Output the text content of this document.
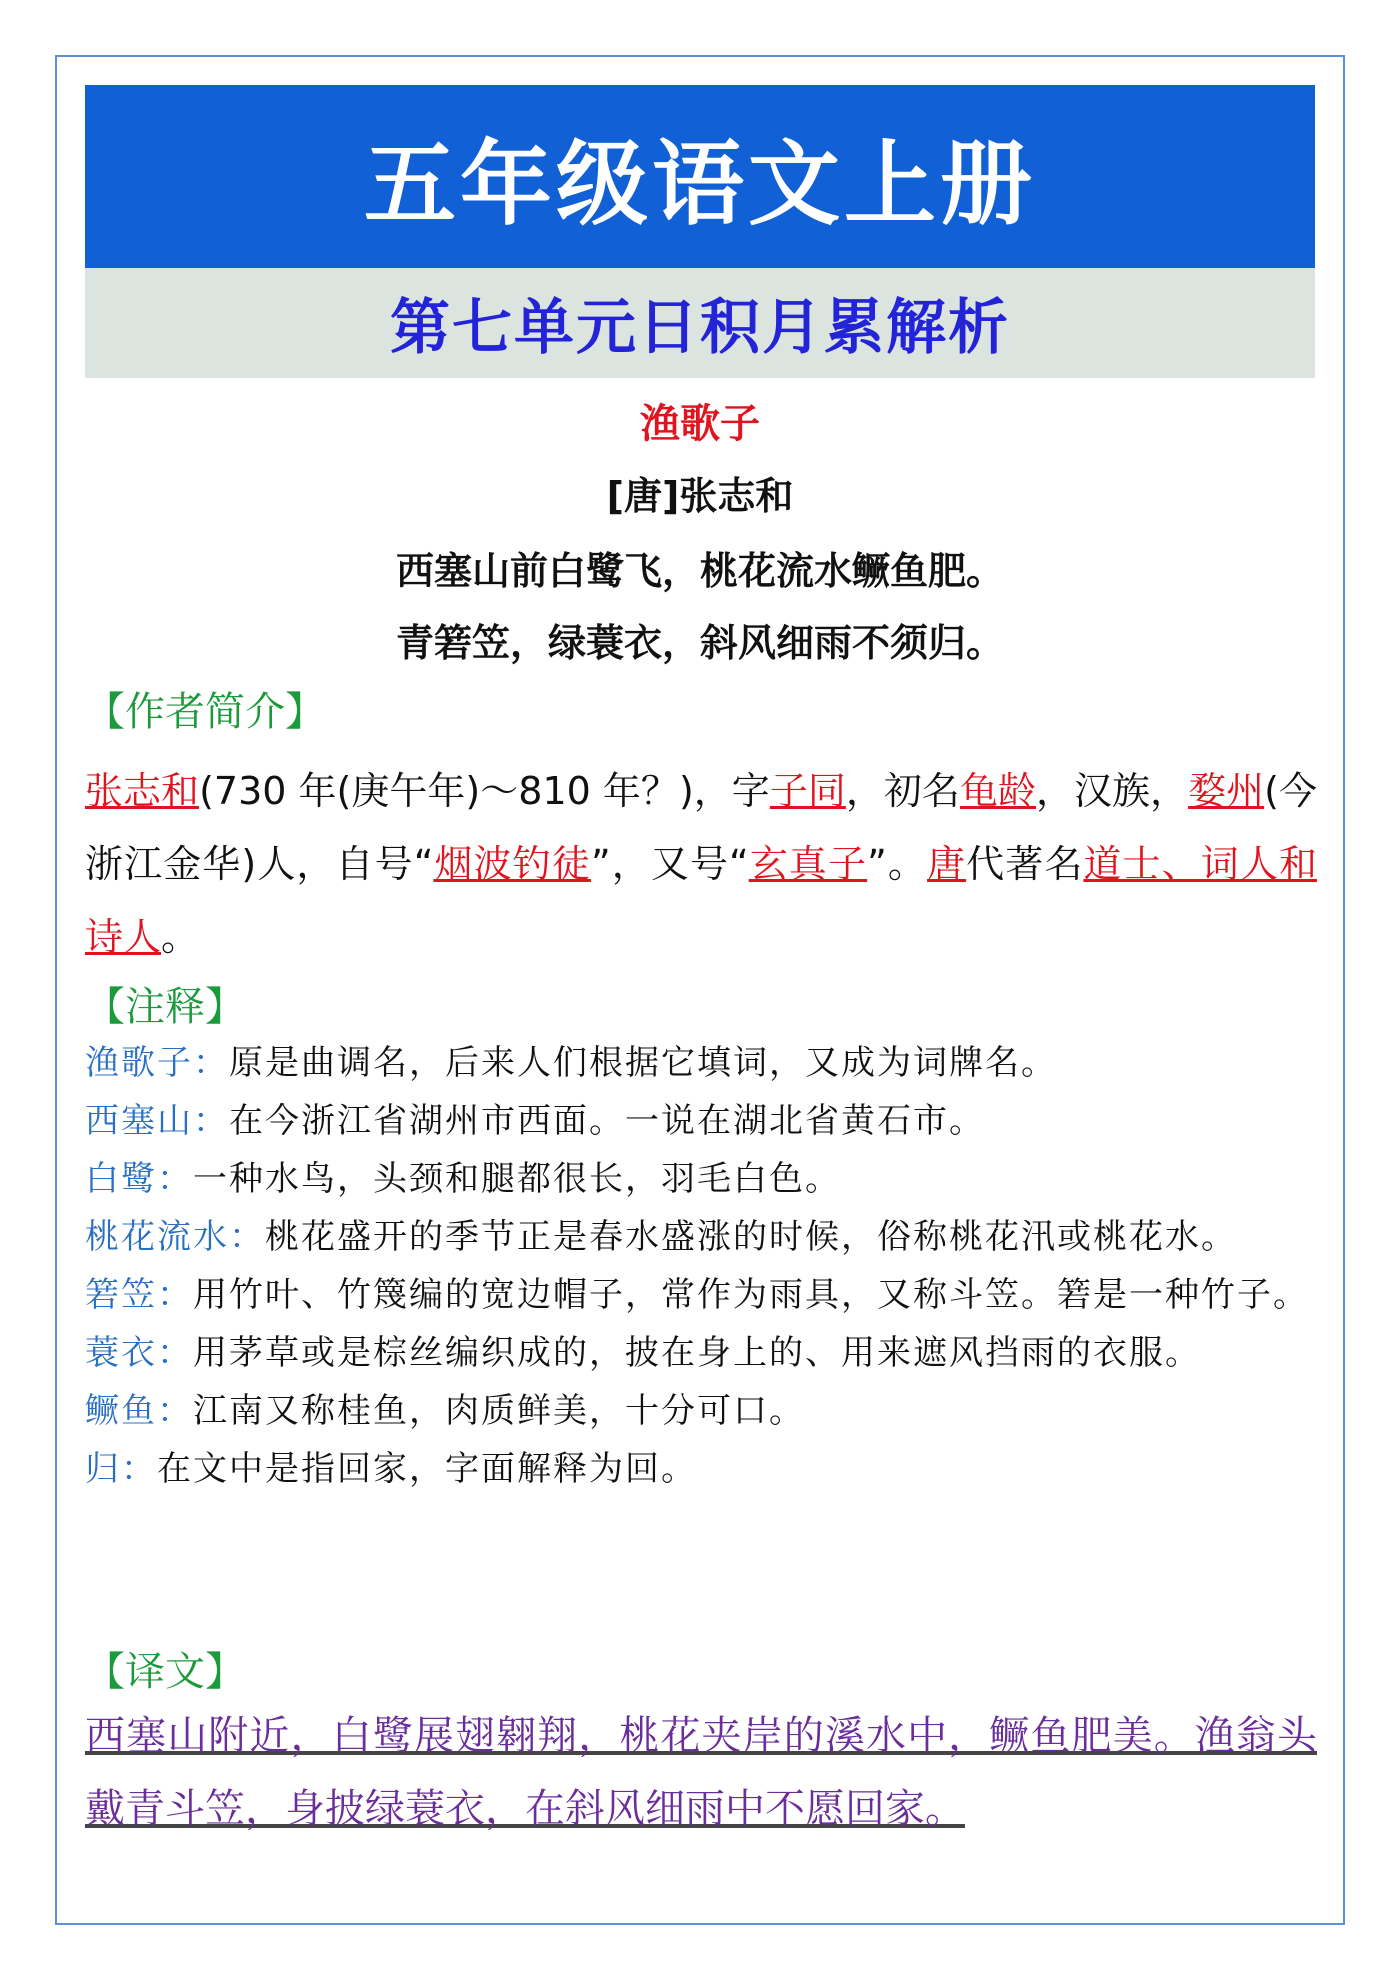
五年级语文上册
第七单元日积月累解析
渔歌子
[唐]张志和
西塞山前白鹭飞，桃花流水鳜鱼肥。
青箬笠，绿蓑衣，斜风细雨不须归。
【作者简介】
张志和(730 年(庚午年)～810 年？)，字子同，初名龟龄，汉族，婺州(今浙江金华)人，自号“烟波钓徒”，又号“玄真子”。唐代著名道士、词人和诗人。
【注释】
渔歌子：原是曲调名，后来人们根据它填词，又成为词牌名。
西塞山：在今浙江省湖州市西面。一说在湖北省黄石市。
白鹭：一种水鸟，头颈和腿都很长，羽毛白色。
桃花流水：桃花盛开的季节正是春水盛涨的时候，俗称桃花汛或桃花水。
箬笠：用竹叶、竹篾编的宽边帽子，常作为雨具，又称斗笠。箬是一种竹子。
蓑衣：用茅草或是棕丝编织成的，披在身上的、用来遮风挡雨的衣服。
鳜鱼：江南又称桂鱼，肉质鲜美，十分可口。
归：在文中是指回家，字面解释为回。
【译文】
西塞山附近，白鹭展翅翱翔，桃花夹岸的溪水中，鳜鱼肥美。渔翁头戴青斗笠，身披绿蓑衣，在斜风细雨中不愿回家。
